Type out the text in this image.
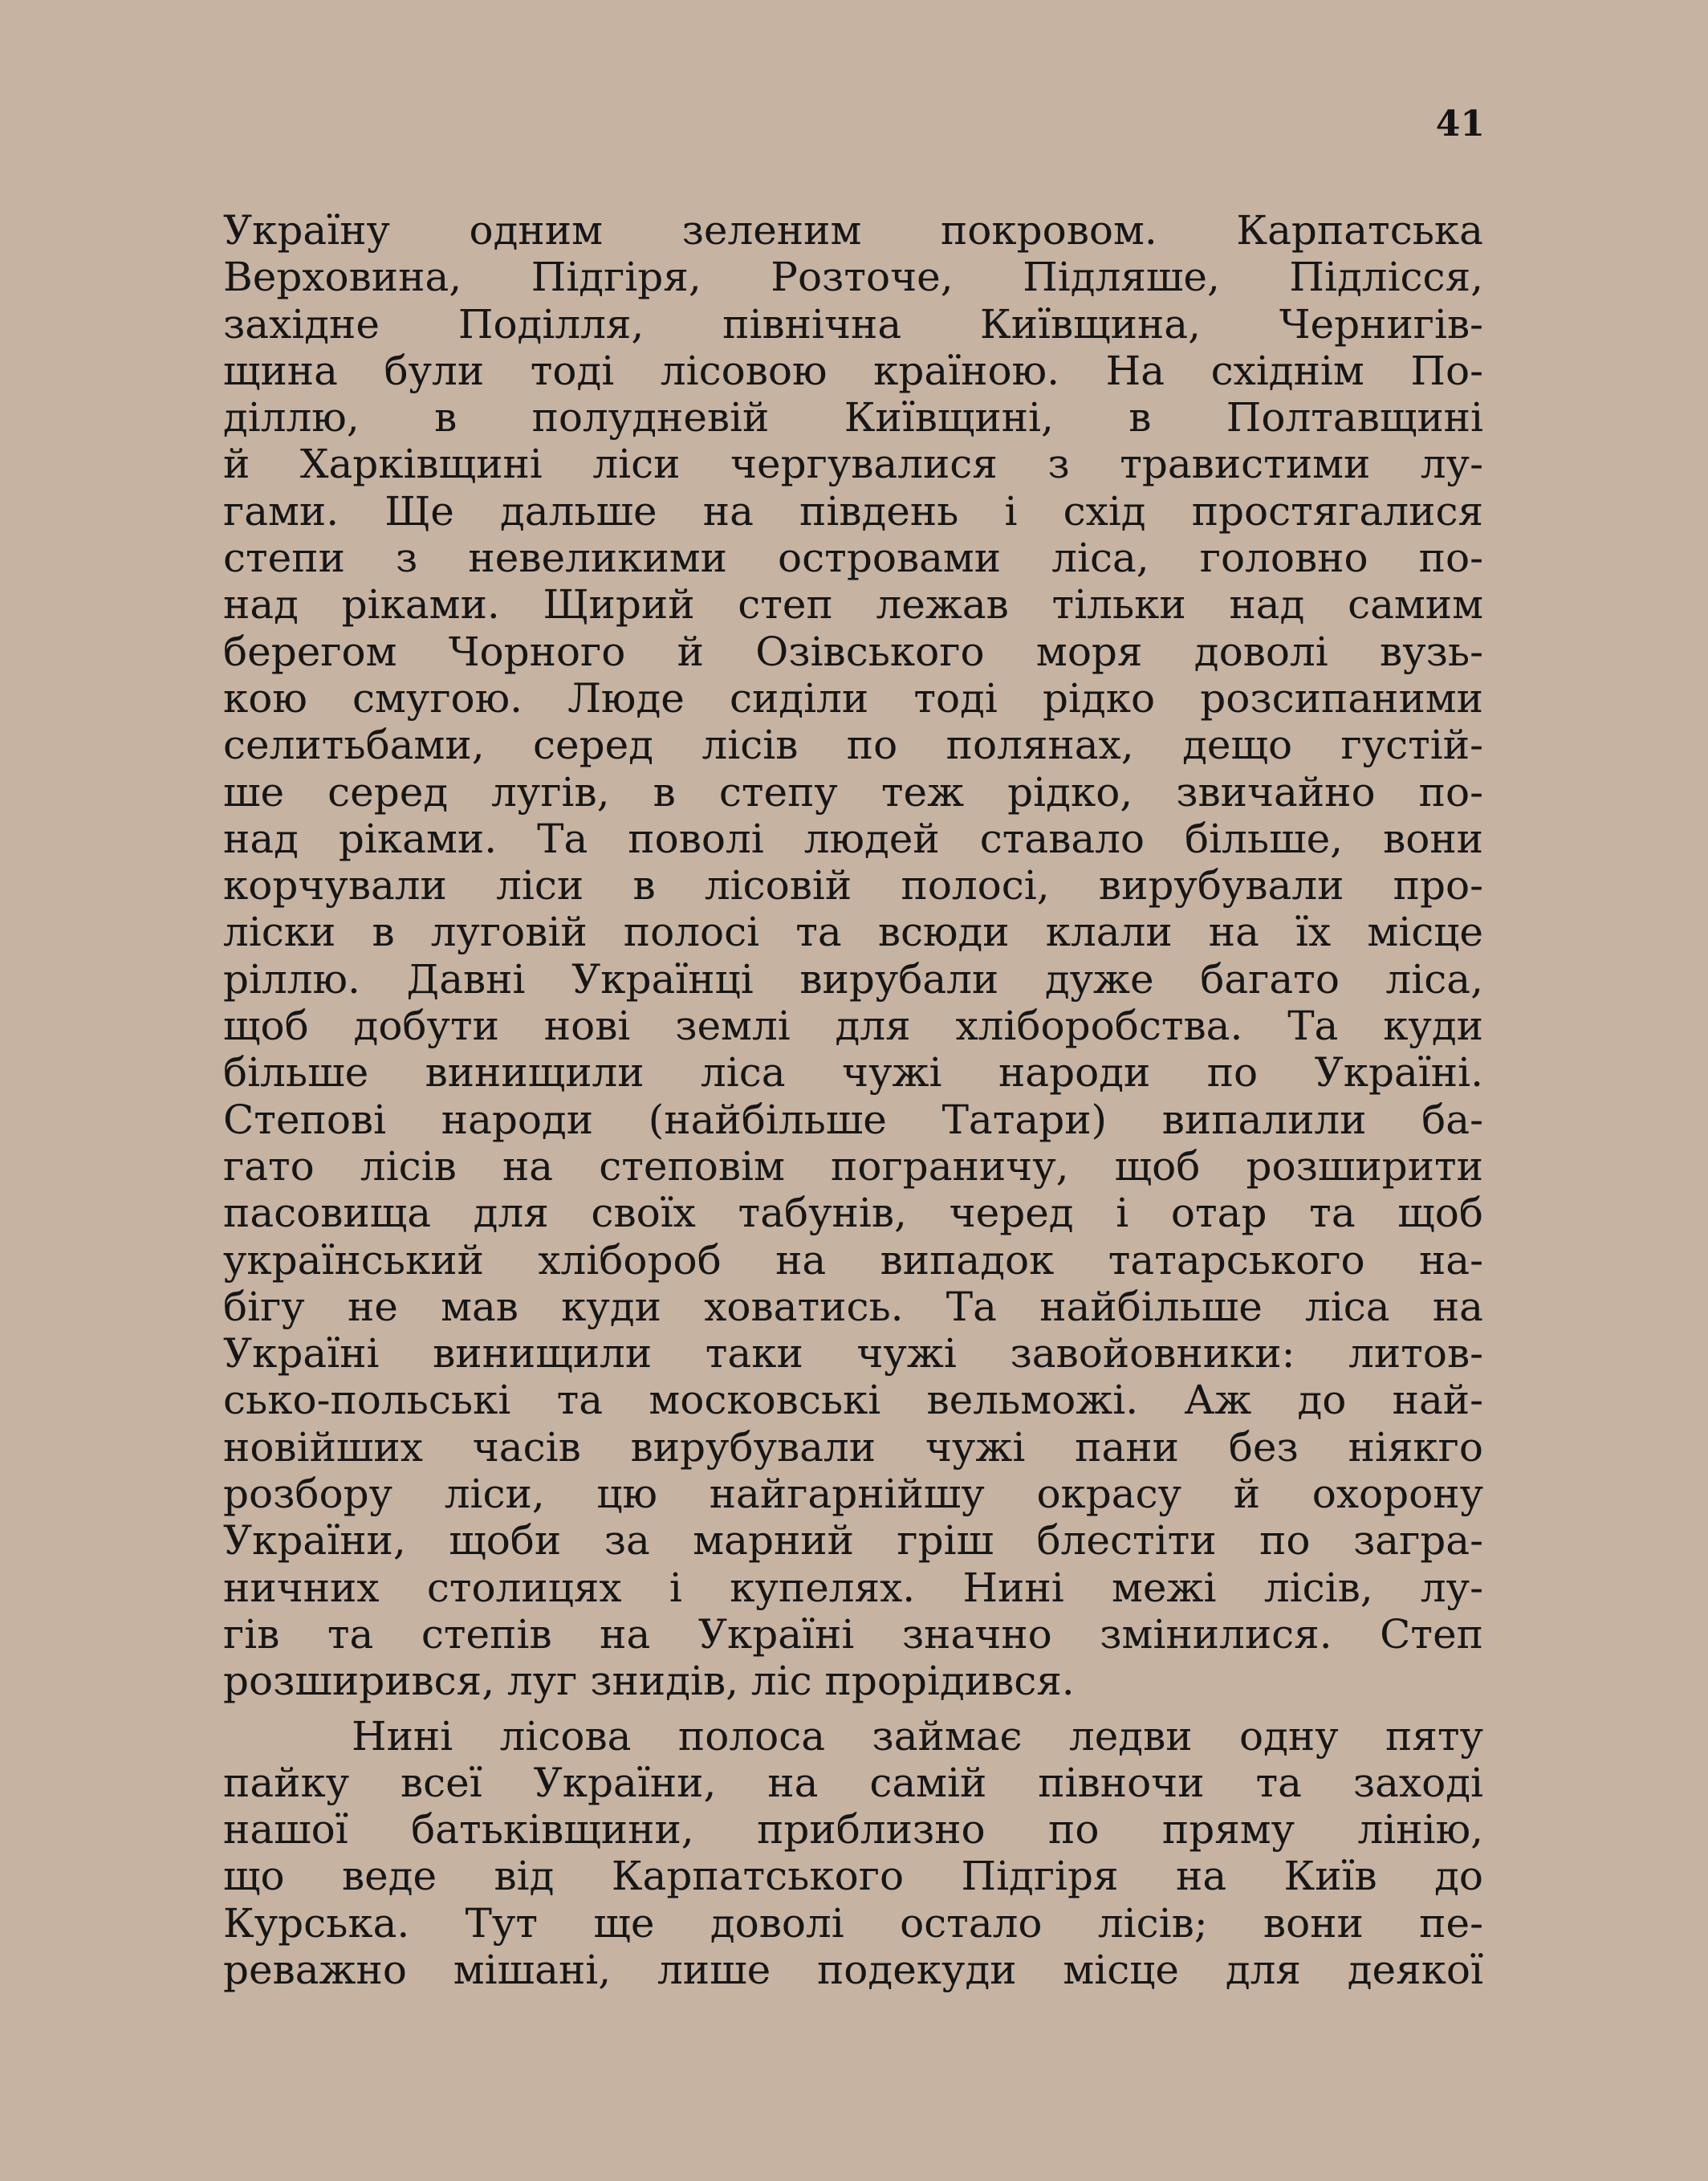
41
Україну одним зеленим покровом. Карпатська
Верховина, Підгіря, Розточе, Підляше, Підлісся,
західне Поділля, північна Київщина, Чернигів-
щина були тоді лісовою країною. На східнім По-
діллю, в полудневій Київщині, в Полтавщині
й Харківщині ліси чергувалися з травистими лу-
гами. Ще дальше на південь і схід простягалися
степи з невеликими островами ліса, головно по-
над ріками. Щирий степ лежав тільки над самим
берегом Чорного й Озівського моря доволі вузь-
кою смугою. Люде сиділи тоді рідко розсипаними
селитьбами, серед лісів по полянах, дещо густій-
ше серед лугів, в степу теж рідко, звичайно по-
над ріками. Та поволі людей ставало більше, вони
корчували ліси в лісовій полосі, вирубували про-
ліски в луговій полосі та всюди клали на їх місце
ріллю. Давні Українці вирубали дуже багато ліса,
щоб добути нові землі для хліборобства. Та куди
більше винищили ліса чужі народи по Україні.
Степові народи (найбільше Татари) випалили ба-
гато лісів на степовім пограничу, щоб розширити
пасовища для своїх табунів, черед і отар та щоб
український хлібороб на випадок татарського на-
бігу не мав куди ховатись. Та найбільше ліса на
Україні винищили таки чужі завойовники: литов-
сько-польські та московські вельможі. Аж до най-
новійших часів вирубували чужі пани без ніякго
розбору ліси, цю найгарнійшу окрасу й охорону
України, щоби за марний гріш блестіти по загра-
ничних столицях і купелях. Нині межі лісів, лу-
гів та степів на Україні значно змінилися. Степ
розширився, луг знидів, ліс прорідився.
Нині лісова полоса займає ледви одну пяту
пайку всеї України, на самій півночи та заході
нашої батьківщини, приблизно по пряму лінію,
що веде від Карпатського Підгіря на Київ до
Курська. Тут ще доволі остало лісів; вони пе-
реважно мішані, лише подекуди місце для деякої
